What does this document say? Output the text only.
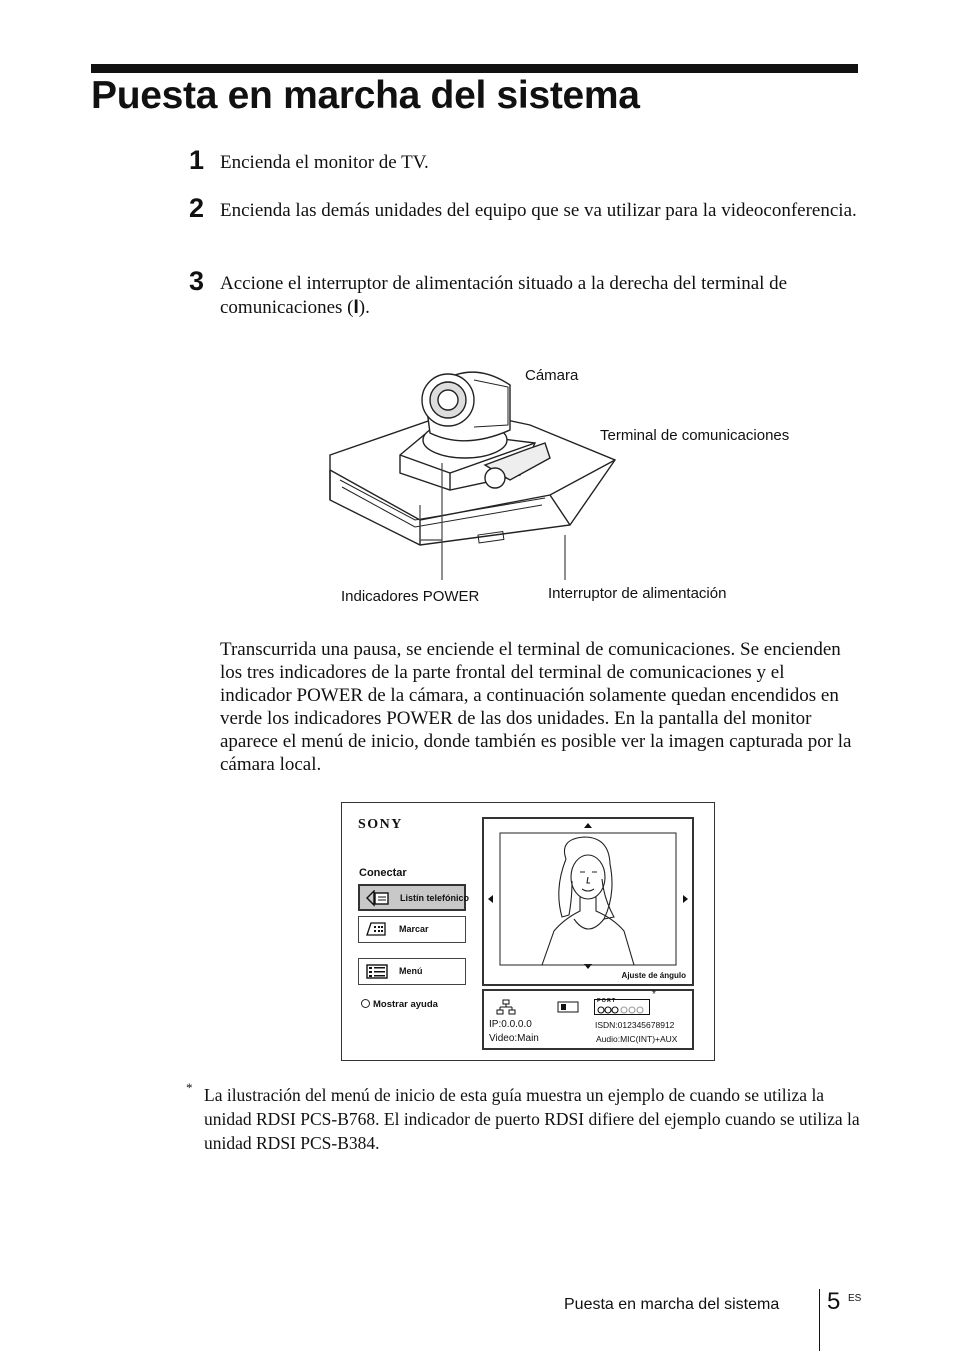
Puesta en marcha del sistema
1 Encienda el monitor de TV.
2 Encienda las demás unidades del equipo que se va utilizar para la videoconferencia.
3 Accione el interruptor de alimentación situado a la derecha del terminal de comunicaciones (I).
Cámara
Terminal de comunicaciones
Indicadores POWER	Interruptor de alimentación
Transcurrida una pausa, se enciende el terminal de comunicaciones. Se encienden los tres indicadores de la parte frontal del terminal de comunicaciones y el indicador POWER de la cámara, a continuación solamente quedan encendidos en verde los indicadores POWER de las dos unidades. En la pantalla del monitor aparece el menú de inicio, donde también es posible ver la imagen capturada por la cámara local.
SONY
Conectar
Listín telefónico
Marcar
Menú
Mostrar ayuda
Ajuste de ángulo
PORT
*
IP:0.0.0.0
Video:Main
ISDN:012345678912
Audio:MIC(INT)+AUX
* La ilustración del menú de inicio de esta guía muestra un ejemplo de cuando se utiliza la unidad RDSI PCS-B768. El indicador de puerto RDSI difiere del ejemplo cuando se utiliza la unidad RDSI PCS-B384.
Puesta en marcha del sistema 5 ES
